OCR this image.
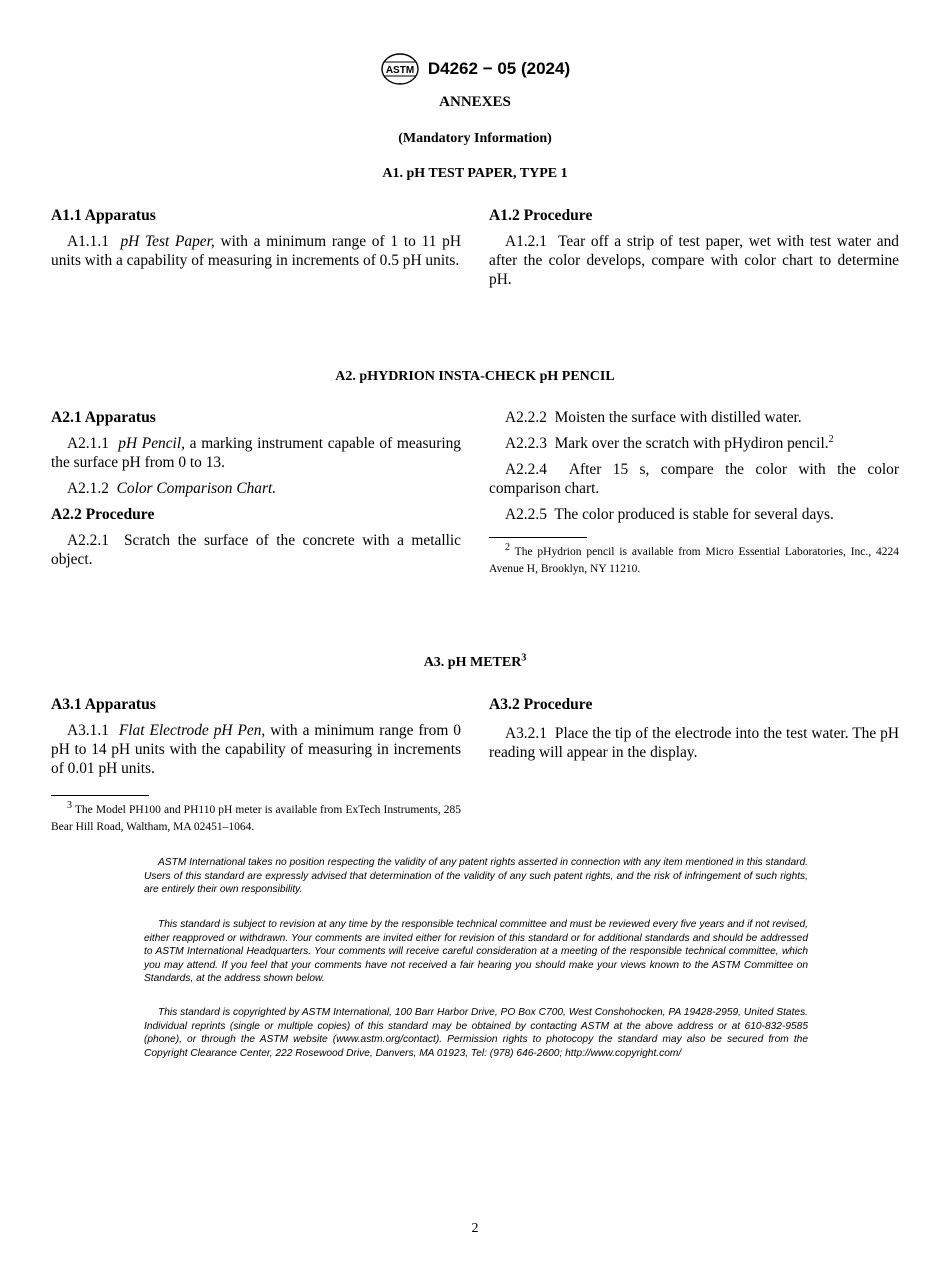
ASTM D4262 − 05 (2024)
ANNEXES
(Mandatory Information)
A1. pH TEST PAPER, TYPE 1
A1.1 Apparatus

A1.1.1 pH Test Paper, with a minimum range of 1 to 11 pH units with a capability of measuring in increments of 0.5 pH units.

A1.2 Procedure

A1.2.1 Tear off a strip of test paper, wet with test water and after the color develops, compare with color chart to determine pH.

A2. pHYDRION INSTA-CHECK pH PENCIL
A2.1 Apparatus

A2.1.1 pH Pencil, a marking instrument capable of measuring the surface pH from 0 to 13.

A2.1.2 Color Comparison Chart.

A2.2 Procedure

A2.2.1 Scratch the surface of the concrete with a metallic object.

A2.2.2 Moisten the surface with distilled water.

A2.2.3 Mark over the scratch with pHydiron pencil.$^2$

A2.2.4 After 15 s, compare the color with the color comparison chart.

A2.2.5 The color produced is stable for several days.

$^2$ The pHydrion pencil is available from Micro Essential Laboratories, Inc., 4224 Avenue H, Brooklyn, NY 11210.

A3. pH METER$^3$
A3.1 Apparatus

A3.1.1 Flat Electrode pH Pen, with a minimum range from 0 pH to 14 pH units with the capability of measuring in increments of 0.01 pH units.

$^3$ The Model PH100 and PH110 pH meter is available from ExTech Instruments, 285 Bear Hill Road, Waltham, MA 02451–1064.

A3.2 Procedure

A3.2.1 Place the tip of the electrode into the test water. The pH reading will appear in the display.

ASTM International takes no position respecting the validity of any patent rights asserted in connection with any item mentioned in this standard. Users of this standard are expressly advised that determination of the validity of any such patent rights, and the risk of infringement of such rights, are entirely their own responsibility.

This standard is subject to revision at any time by the responsible technical committee and must be reviewed every five years and if not revised, either reapproved or withdrawn. Your comments are invited either for revision of this standard or for additional standards and should be addressed to ASTM International Headquarters. Your comments will receive careful consideration at a meeting of the responsible technical committee, which you may attend. If you feel that your comments have not received a fair hearing you should make your views known to the ASTM Committee on Standards, at the address shown below.

This standard is copyrighted by ASTM International, 100 Barr Harbor Drive, PO Box C700, West Conshohocken, PA 19428-2959, United States. Individual reprints (single or multiple copies) of this standard may be obtained by contacting ASTM at the above address or at 610-832-9585 (phone), or through the ASTM website (www.astm.org/contact). Permission rights to photocopy the standard may also be secured from the Copyright Clearance Center, 222 Rosewood Drive, Danvers, MA 01923, Tel: (978) 646-2600; http://www.copyright.com/

2
